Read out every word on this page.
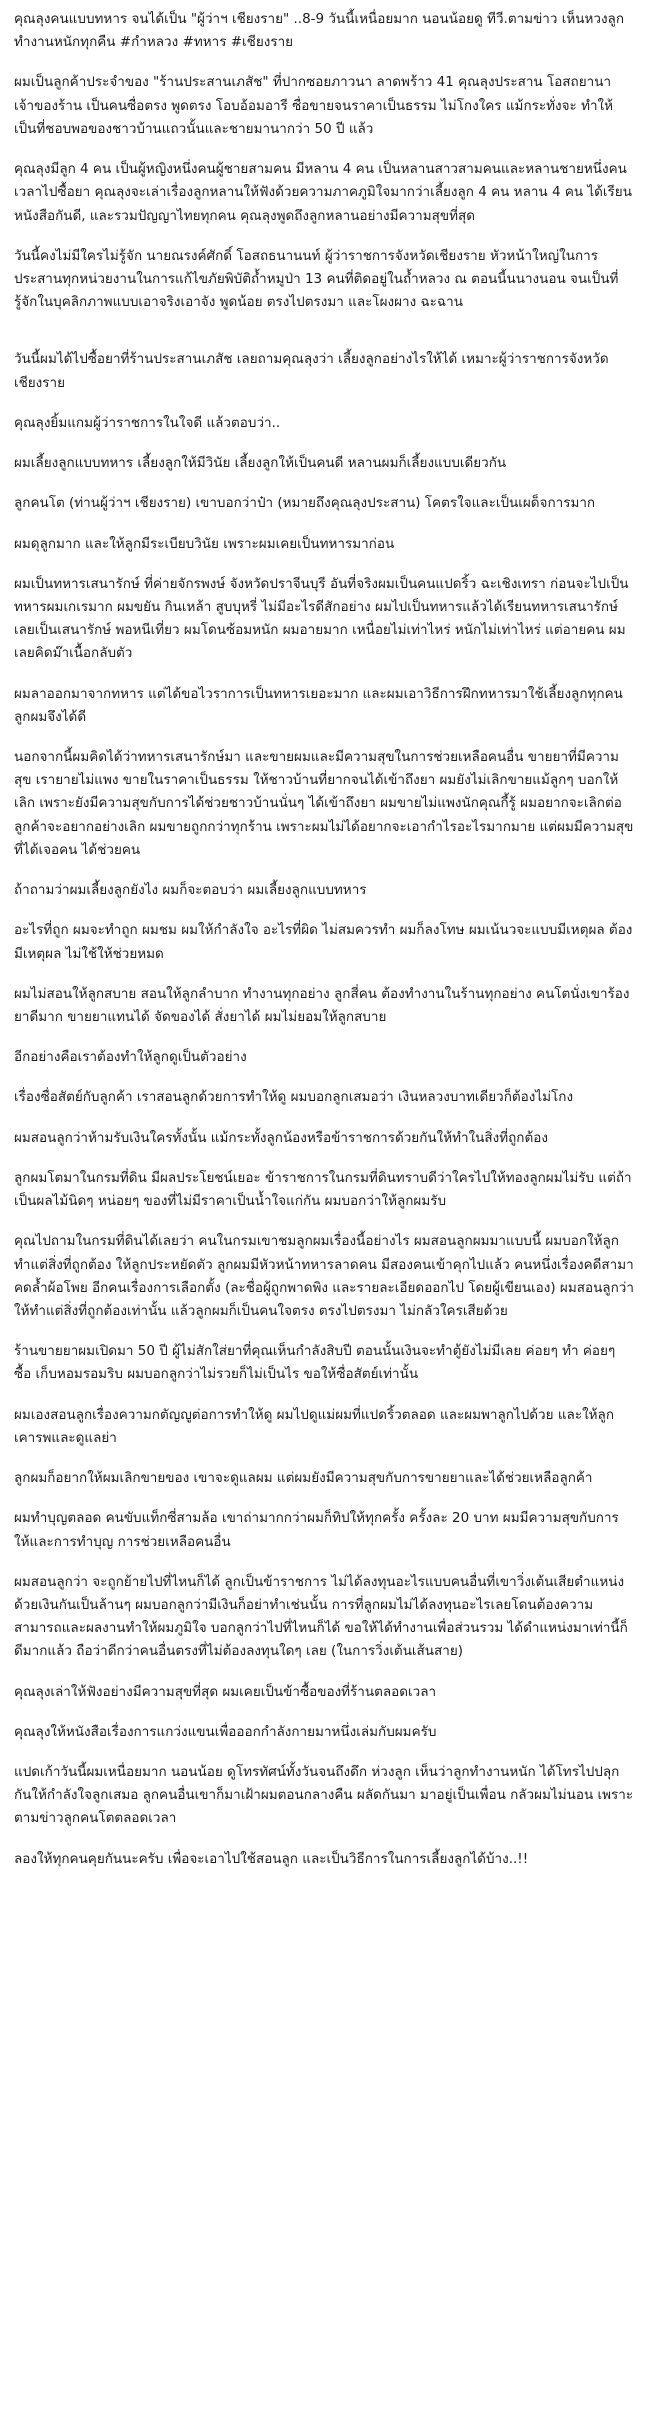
คุณลุงคนแบบทหาร จนได้เป็น "ผู้ว่าฯ เชียงราย" ..8-9 วันนี้เหนื่อยมาก นอนน้อยดู ทีวี.ตามข่าว เห็นหวงลูกทำงานหนักทุกคืน #กำหลวง #ทหาร #เชียงราย

ผมเป็นลูกค้าประจำของ "ร้านประสานเภสัช" ที่ปากซอยภาวนา ลาดพร้าว 41 คุณลุงประสาน โอสถยานา เจ้าของร้าน เป็นคนซื่อตรง พูดตรง โอบอ้อมอารี ซื่อขายจนราคาเป็นธรรม ไม่โกงใคร แม้กระทั่งจะ ทำให้เป็นที่ชอบพอของชาวบ้านแถวนั้นและชายมานากว่า 50 ปี แล้ว

คุณลุงมีลูก 4 คน เป็นผู้หญิงหนึ่งคนผู้ชายสามคน มีหลาน 4 คน เป็นหลานสาวสามคนและหลานชายหนึ่งคน เวลาไปซื้อยา คุณลุงจะเล่าเรื่องลูกหลานให้ฟังด้วยความภาคภูมิใจมากว่าเลี้ยงลูก 4 คน หลาน 4 คน ได้เรียนหนังสือกันดี, และรวมปัญญาไทยทุกคน คุณลุงพูดถึงลูกหลานอย่างมีความสุขที่สุด

วันนี้คงไม่มีใครไม่รู้จัก นายณรงค์ศักดิ์ โอสถธนานนท์ ผู้ว่าราชการจังหวัดเชียงราย หัวหน้าใหญ่ในการประสานทุกหน่วยงานในการแก้ไขภัยพิบัติถ้ำหมูป่า 13 คนที่ติดอยู่ในถ้ำหลวง ณ ตอนนี้นนางนอน จนเป็นที่รู้จักในบุคลิกภาพแบบเอาจริงเอาจัง พูดน้อย ตรงไปตรงมา และโผงผาง ฉะฉาน

วันนี้ผมได้ไปซื้อยาที่ร้านประสานเภสัช เลยถามคุณลุงว่า เลี้ยงลูกอย่างไรให้ได้ เหมาะผู้ว่าราชการจังหวัดเชียงราย

คุณลุงยิ้มแกมผู้ว่าราชการในใจดี แล้วตอบว่า..

ผมเลี้ยงลูกแบบทหาร เลี้ยงลูกให้มีวินัย เลี้ยงลูกให้เป็นคนดี หลานผมก็เลี้ยงแบบเดียวกัน

ลูกคนโต (ท่านผู้ว่าฯ เชียงราย) เขาบอกว่าป๋า (หมายถึงคุณลุงประสาน) โคตรใจและเป็นเผด็จการมาก

ผมดุลูกมาก และให้ลูกมีระเบียบวินัย เพราะผมเคยเป็นทหารมาก่อน

ผมเป็นทหารเสนารักษ์ ที่ค่ายจักรพงษ์ จังหวัดปราจีนบุรี อันที่จริงผมเป็นคนแปดริ้ว ฉะเชิงเทรา ก่อนจะไปเป็นทหารผมเกเรมาก ผมขยัน กินเหล้า สูบบุหรี่ ไม่มีอะไรดีสักอย่าง ผมไปเป็นทหารแล้วได้เรียนทหารเสนารักษ์ เลยเป็นเสนารักษ์ พอหนีเที่ยว ผมโดนซ้อมหนัก ผมอายมาก เหนื่อยไม่เท่าไหร่ หนักไม่เท่าไหร่ แต่อายคน ผมเลยคิดม๊าเนื้อกลับตัว

ผมลาออกมาจากทหาร แต่ได้ขอไวราการเป็นทหารเยอะมาก และผมเอาวิธีการฝึกทหารมาใช้เลี้ยงลูกทุกคน ลูกผมจึงได้ดี

นอกจากนี้ผมคิดได้ว่าทหารเสนารักษ์มา และขายผมและมีความสุขในการช่วยเหลือคนอื่น ขายยาที่มีความสุข เรายายไม่แพง ขายในราคาเป็นธรรม ให้ชาวบ้านที่ยากจนได้เข้าถึงยา ผมยังไม่เลิกขายแม้ลูกๆ บอกให้เลิก เพราะยังมีความสุขกับการได้ช่วยชาวบ้านนั่นๆ ได้เข้าถึงยา ผมขายไม่แพงนักคุณกี้รู้ ผมอยากจะเลิกต่อลูกค้าจะอยากอย่างเลิก ผมขายถูกกว่าทุกร้าน เพราะผมไม่ได้อยากจะเอากำไรอะไรมากมาย แต่ผมมีความสุขที่ได้เจอคน ได้ช่วยคน

ถ้าถามว่าผมเลี้ยงลูกยังไง ผมก็จะตอบว่า ผมเลี้ยงลูกแบบทหาร

อะไรที่ถูก ผมจะทำถูก ผมชม ผมให้กำลังใจ อะไรที่ผิด ไม่สมควรทำ ผมก็ลงโทษ ผมเน้นวจะแบบมีเหตุผล ต้องมีเหตุผล ไม่ใช้ให้ช่วยหมด

ผมไม่สอนให้ลูกสบาย สอนให้ลูกลำบาก ทำงานทุกอย่าง ลูกสี่คน ต้องทำงานในร้านทุกอย่าง คนโตนั่งเขาร้องยาดีมาก ขายยาแทนได้ จัดของได้ สั่งยาได้ ผมไม่ยอมให้ลูกสบาย

อีกอย่างคือเราต้องทำให้ลูกดูเป็นตัวอย่าง

เรื่องซื่อสัตย์กับลูกค้า เราสอนลูกด้วยการทำให้ดู ผมบอกลูกเสมอว่า เงินหลวงบาทเดียวก็ต้องไม่โกง

ผมสอนลูกว่าห้ามรับเงินใครทั้งนั้น แม้กระทั้งลูกน้องหรือข้าราชการด้วยกันให้ทำในสิ่งที่ถูกต้อง

ลูกผมโตมาในกรมที่ดิน มีผลประโยชน์เยอะ ข้าราชการในกรมที่ดินทราบดีว่าใครไปให้ทองลูกผมไม่รับ แต่ถ้าเป็นผลไม้นิดๆ หน่อยๆ ของที่ไม่มีราคาเป็นน้ำใจแก่กัน ผมบอกว่าให้ลูกผมรับ

คุณไปถามในกรมที่ดินได้เลยว่า คนในกรมเขาชมลูกผมเรื่องนี้อย่างไร ผมสอนลูกผมมาแบบนี้ ผมบอกให้ลูกทำแต่สิ่งที่ถูกต้อง ให้ลูกประหยัดตัว ลูกผมมีหัวหน้าทหารลาดคน มีสองคนเข้าคุกไปแล้ว คนหนึ่งเรื่องคดีสามาคดล้ำผ้อโพย อีกคนเรื่องการเลือกตั้ง (ละชื่อผู้ถูกพาดพิง และรายละเอียดออกไป โดยผู้เขียนเอง) ผมสอนลูกว่าให้ทำแต่สิ่งที่ถูกต้องเท่านั้น แล้วลูกผมก็เป็นคนใจตรง ตรงไปตรงมา ไม่กลัวใครเสียด้วย

ร้านขายยาผมเปิดมา 50 ปี ผู้ไม่สักใส่ยาที่คุณเห็นกำลังสิบปี ตอนนั้นเงินจะทำตู้ยังไม่มีเลย ค่อยๆ ทำ ค่อยๆ ซื้อ เก็บหอมรอมริบ ผมบอกลูกว่าไม่รวยก็ไม่เป็นไร ขอให้ซื่อสัตย์เท่านั้น

ผมเองสอนลูกเรื่องความกตัญญูต่อการทำให้ดู ผมไปดูแม่ผมที่แปดริ้วตลอด และผมพาลูกไปด้วย และให้ลูกเคารพและดูแลย่า

ลูกผมก็อยากให้ผมเลิกขายของ เขาจะดูแลผม แต่ผมยังมีความสุขกับการขายยาและได้ช่วยเหลือลูกค้า

ผมทำบุญตลอด คนขับแท็กซี่สามล้อ เขาถ่ามากกว่าผมก็ทิปให้ทุกครั้ง ครั้งละ 20 บาท ผมมีความสุขกับการให้และการทำบุญ การช่วยเหลือคนอื่น

ผมสอนลูกว่า จะถูกย้ายไปที่ไหนก็ได้ ลูกเป็นข้าราชการ ไม่ได้ลงทุนอะไรแบบคนอื่นที่เขาวิ่งเต้นเสียตำแหน่งด้วยเงินกันเป็นล้านๆ ผมบอกลูกว่ามีเงินก็อย่าทำเช่นนั้น การที่ลูกผมไม่ได้ลงทุนอะไรเลยโดนต้องความสามารถและผลงานทำให้ผมภูมิใจ บอกลูกว่าไปที่ไหนก็ได้ ขอให้ได้ทำงานเพื่อส่วนรวม ได้ดำแหน่งมาเท่านี้ก็ดีมากแล้ว ถือว่าดีกว่าคนอื่นตรงที่ไม่ต้องลงทุนใดๆ เลย (ในการวิ่งเต้นเส้นสาย)

คุณลุงเล่าให้ฟังอย่างมีความสุขที่สุด ผมเคยเป็นข้าซื้อของที่ร้านตลอดเวลา

คุณลุงให้หนังสือเรื่องการแกว่งแขนเพื่อออกกำลังกายมาหนึ่งเล่มกับผมครับ

แปดเก้าวันนี้ผมเหนื่อยมาก นอนน้อย ดูโทรทัศน์ทั้งวันจนถึงดึก ห่วงลูก เห็นว่าลูกทำงานหนัก ได้โทรไปปลุกกันให้กำลังใจลูกเสมอ ลูกคนอื่นเขาก็มาเฝ้าผมตอนกลางคืน ผลัดกันมา มาอยู่เป็นเพื่อน กลัวผมไม่นอน เพราะตามข่าวลูกคนโตตลอดเวลา

ลองให้ทุกคนคุยกันนะครับ เพื่อจะเอาไปใช้สอนลูก และเป็นวิธีการในการเลี้ยงลูกได้บ้าง..!!
